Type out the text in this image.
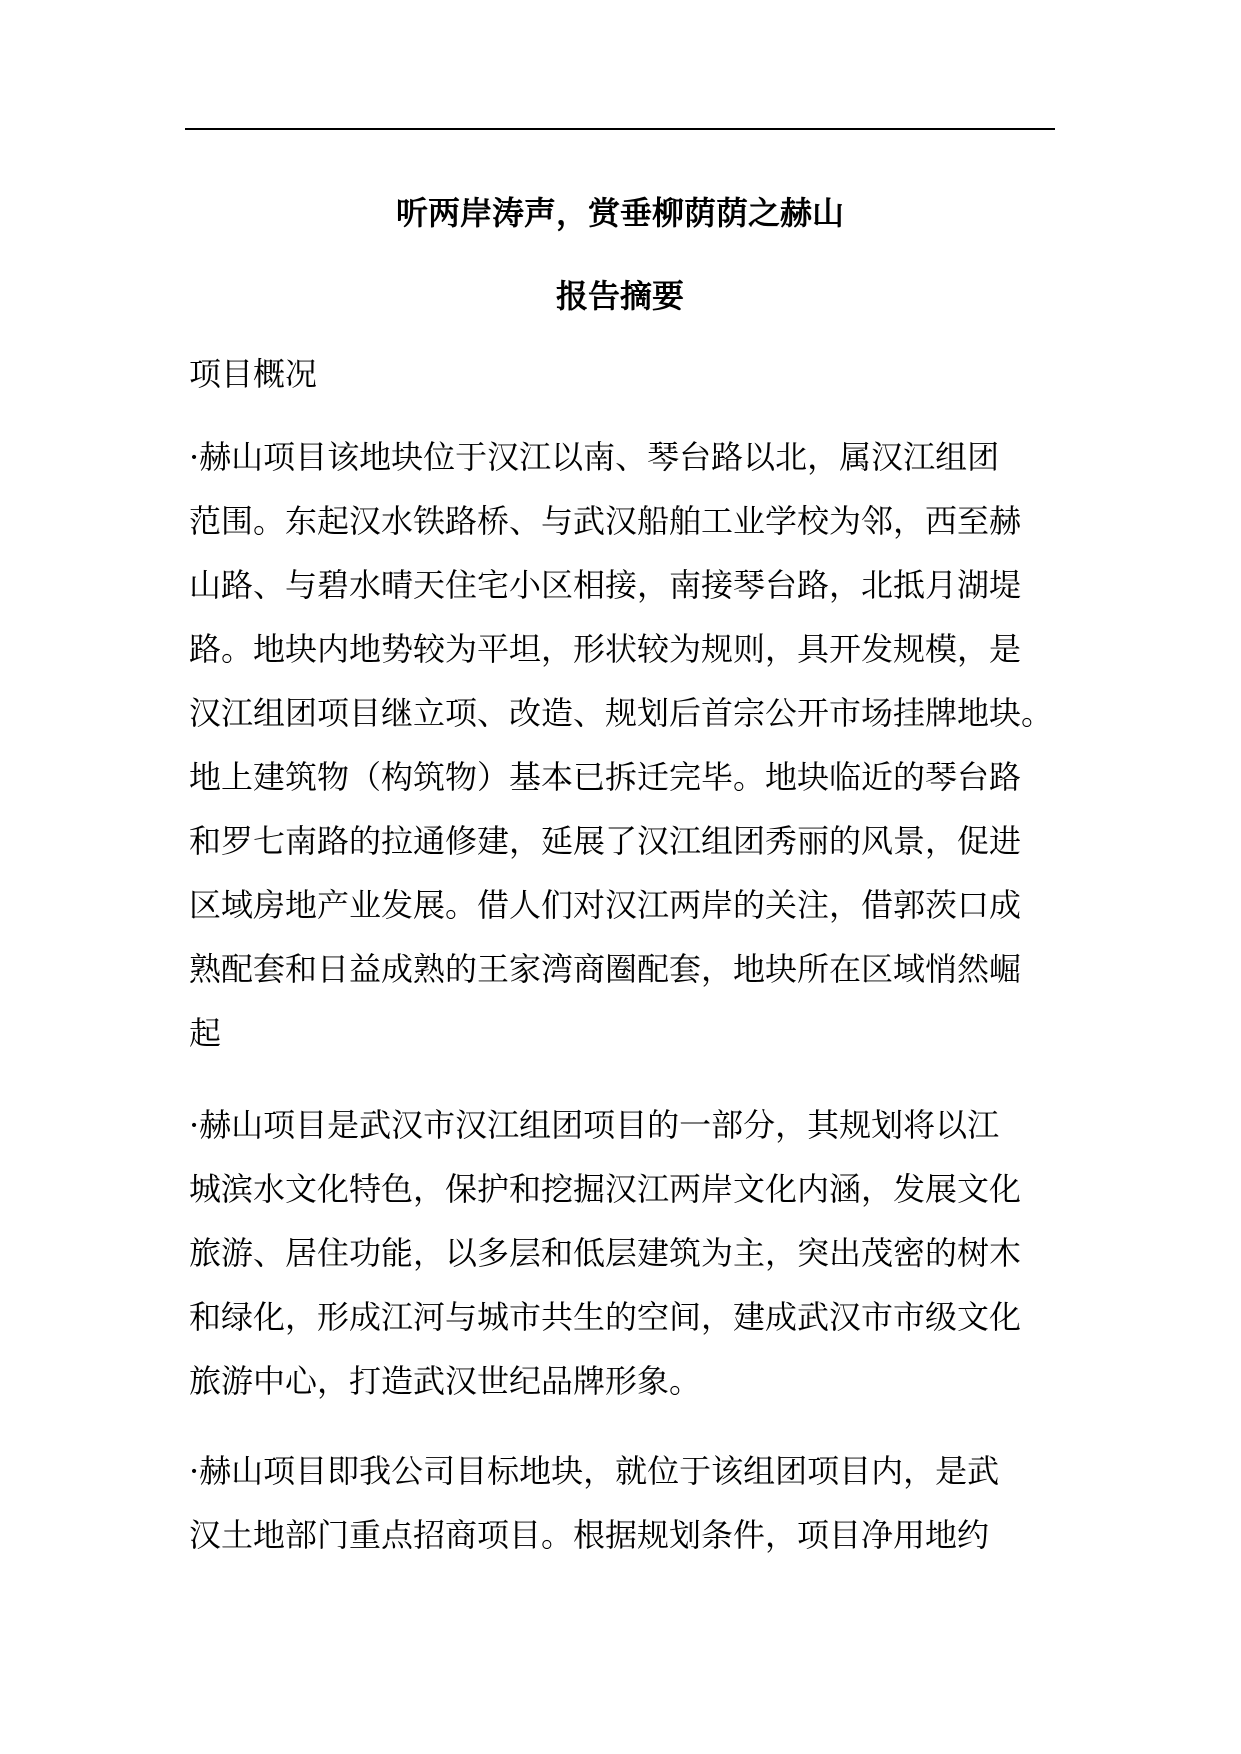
听两岸涛声，赏垂柳荫荫之赫山
报告摘要
项目概况
·赫山项目该地块位于汉江以南、琴台路以北，属汉江组团
范围。东起汉水铁路桥、与武汉船舶工业学校为邻，西至赫
山路、与碧水晴天住宅小区相接，南接琴台路，北抵月湖堤
路。地块内地势较为平坦，形状较为规则，具开发规模，是
汉江组团项目继立项、改造、规划后首宗公开市场挂牌地块。
地上建筑物（构筑物）基本已拆迁完毕。地块临近的琴台路
和罗七南路的拉通修建，延展了汉江组团秀丽的风景，促进
区域房地产业发展。借人们对汉江两岸的关注，借郭茨口成
熟配套和日益成熟的王家湾商圈配套，地块所在区域悄然崛
起
·赫山项目是武汉市汉江组团项目的一部分，其规划将以江
城滨水文化特色，保护和挖掘汉江两岸文化内涵，发展文化
旅游、居住功能，以多层和低层建筑为主，突出茂密的树木
和绿化，形成江河与城市共生的空间，建成武汉市市级文化
旅游中心，打造武汉世纪品牌形象。
·赫山项目即我公司目标地块，就位于该组团项目内，是武
汉土地部门重点招商项目。根据规划条件，项目净用地约
